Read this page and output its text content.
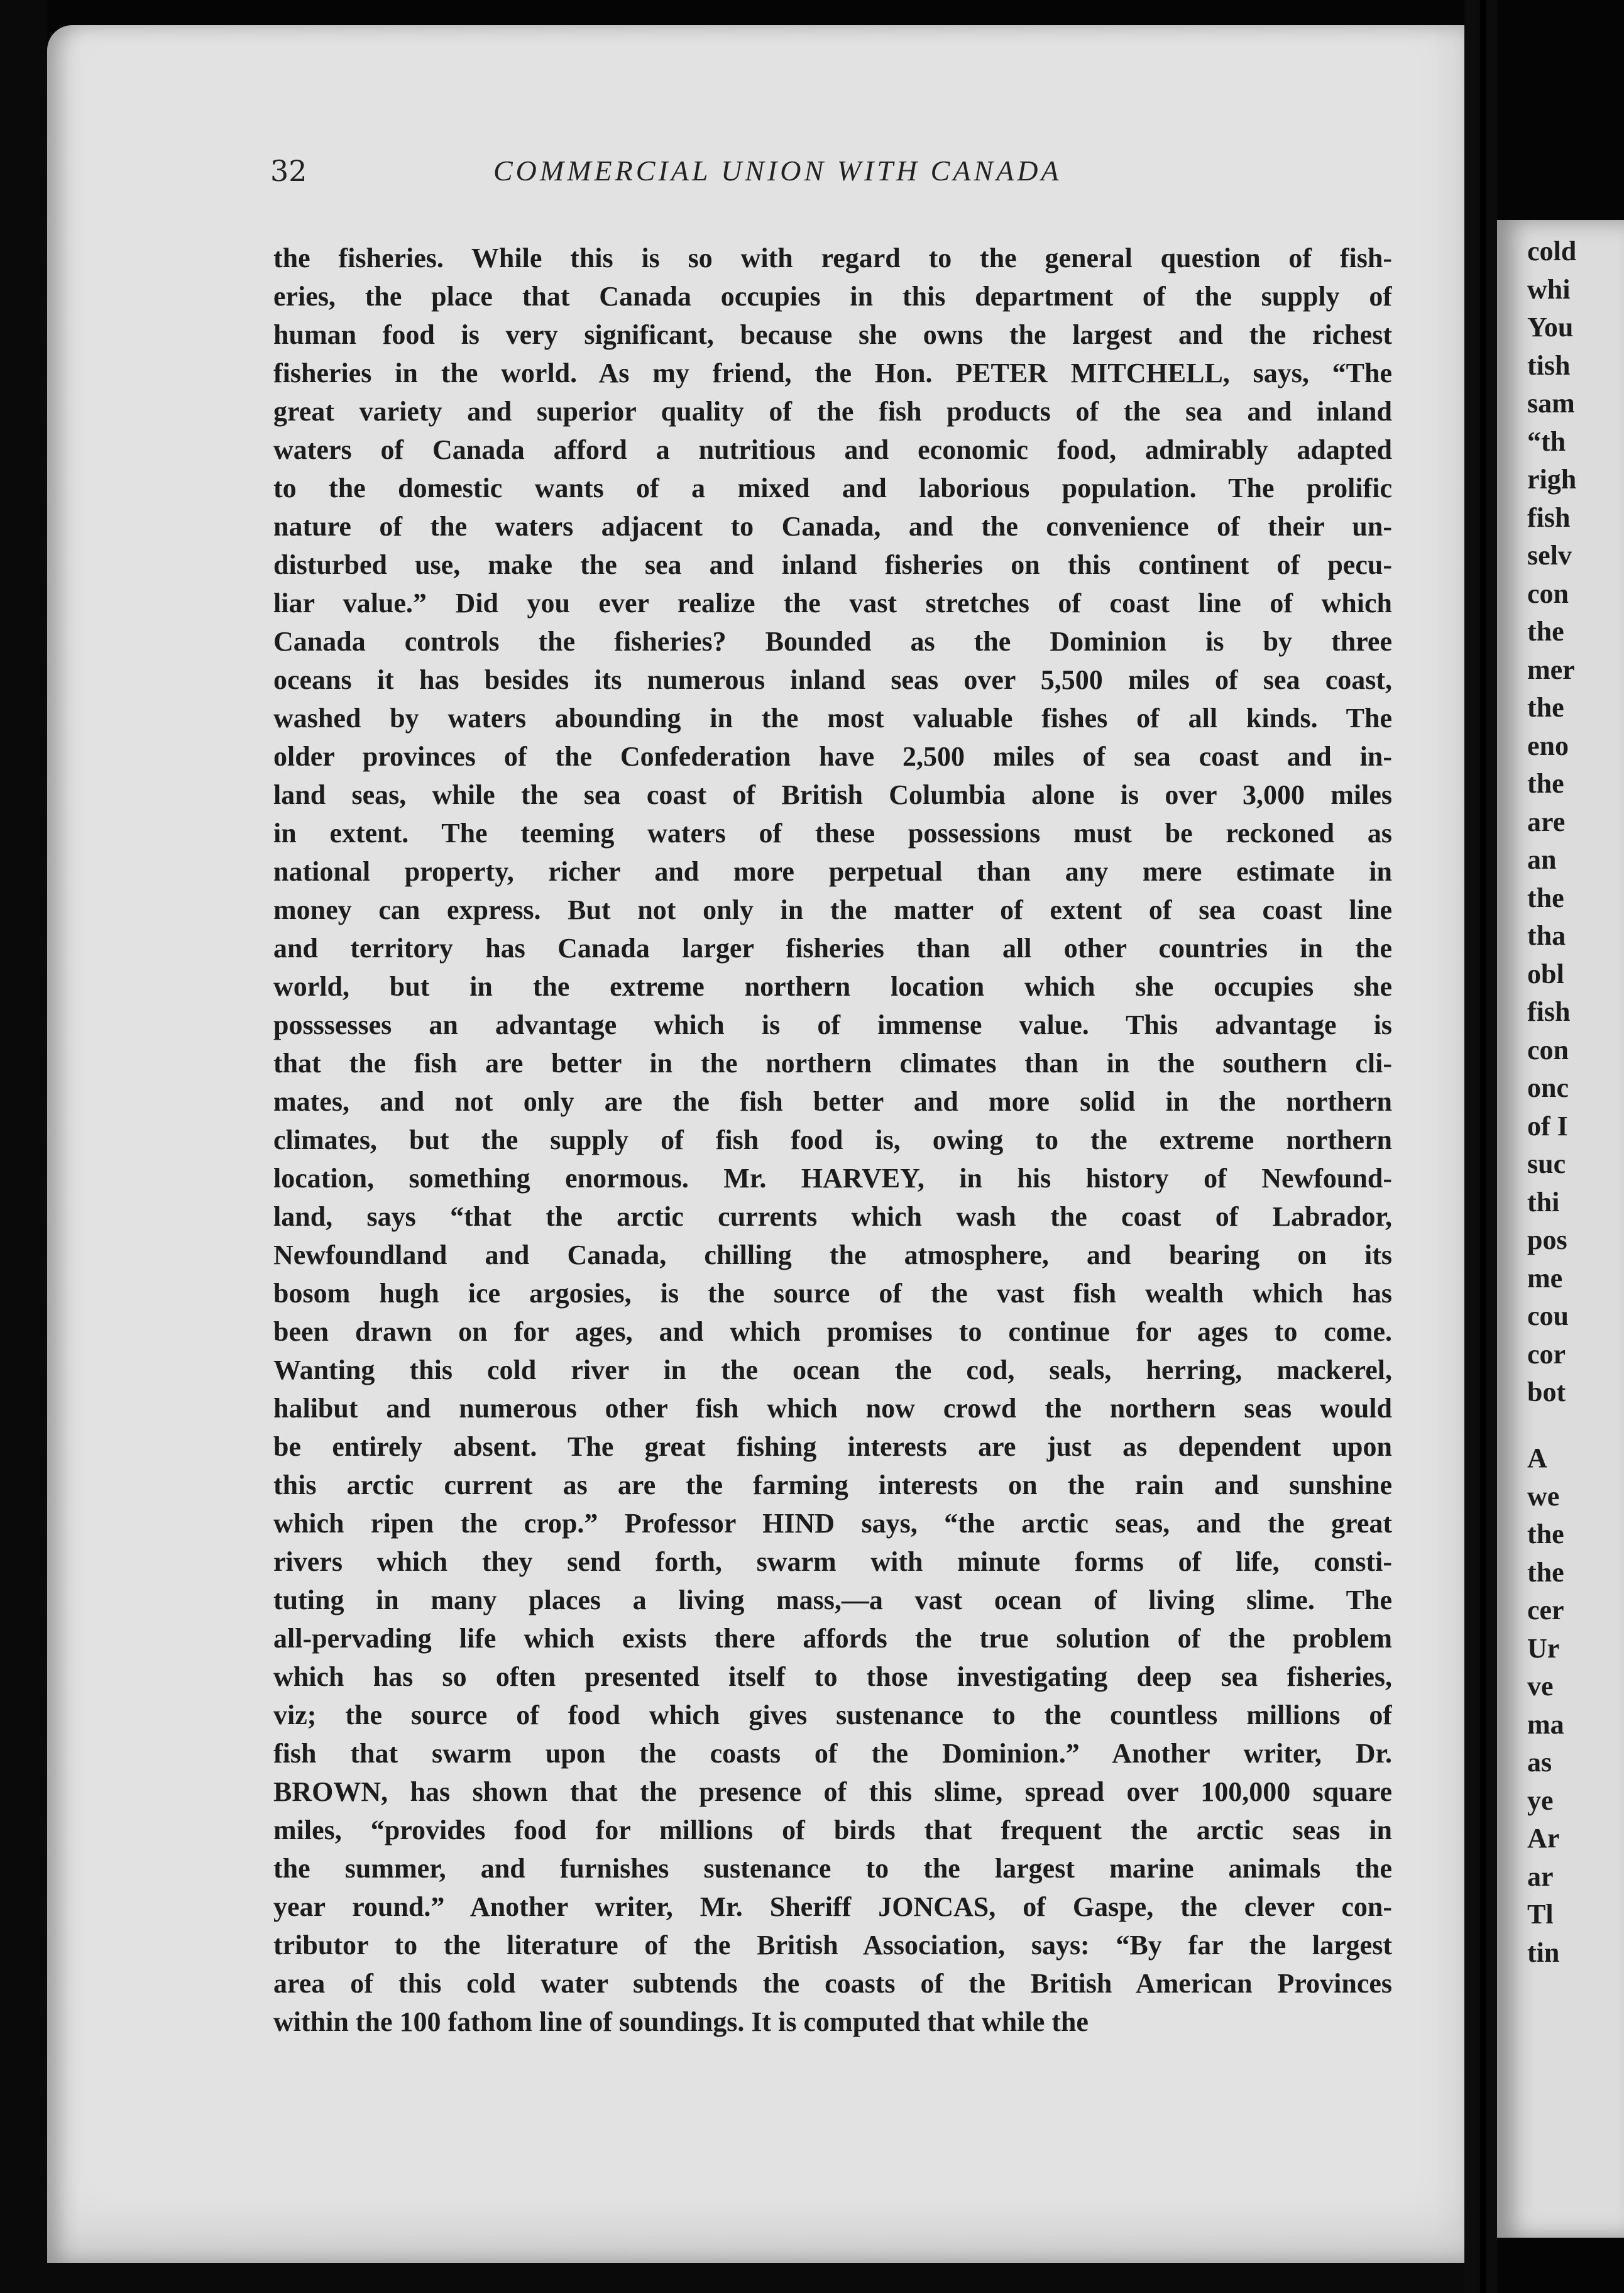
32	COMMERCIAL UNION WITH CANADA
the fisheries. While this is so with regard to the general question of fish-
eries, the place that Canada occupies in this department of the supply of
human food is very significant, because she owns the largest and the richest
fisheries in the world. As my friend, the Hon. PETER MITCHELL, says, “The
great variety and superior quality of the fish products of the sea and inland
waters of Canada afford a nutritious and economic food, admirably adapted
to the domestic wants of a mixed and laborious population. The prolific
nature of the waters adjacent to Canada, and the convenience of their un-
disturbed use, make the sea and inland fisheries on this continent of pecu-
liar value.” Did you ever realize the vast stretches of coast line of which
Canada controls the fisheries? Bounded as the Dominion is by three
oceans it has besides its numerous inland seas over 5,500 miles of sea coast,
washed by waters abounding in the most valuable fishes of all kinds. The
older provinces of the Confederation have 2,500 miles of sea coast and in-
land seas, while the sea coast of British Columbia alone is over 3,000 miles
in extent. The teeming waters of these possessions must be reckoned as
national property, richer and more perpetual than any mere estimate in
money can express. But not only in the matter of extent of sea coast line
and territory has Canada larger fisheries than all other countries in the
world, but in the extreme northern location which she occupies she
posssesses an advantage which is of immense value. This advantage is
that the fish are better in the northern climates than in the southern cli-
mates, and not only are the fish better and more solid in the northern
climates, but the supply of fish food is, owing to the extreme northern
location, something enormous. Mr. HARVEY, in his history of Newfound-
land, says “that the arctic currents which wash the coast of Labrador,
Newfoundland and Canada, chilling the atmosphere, and bearing on its
bosom hugh ice argosies, is the source of the vast fish wealth which has
been drawn on for ages, and which promises to continue for ages to come.
Wanting this cold river in the ocean the cod, seals, herring, mackerel,
halibut and numerous other fish which now crowd the northern seas would
be entirely absent. The great fishing interests are just as dependent upon
this arctic current as are the farming interests on the rain and sunshine
which ripen the crop.” Professor HIND says, “the arctic seas, and the great
rivers which they send forth, swarm with minute forms of life, consti-
tuting in many places a living mass,—a vast ocean of living slime. The
all-pervading life which exists there affords the true solution of the problem
which has so often presented itself to those investigating deep sea fisheries,
viz; the source of food which gives sustenance to the countless millions of
fish that swarm upon the coasts of the Dominion.” Another writer, Dr.
BROWN, has shown that the presence of this slime, spread over 100,000 square
miles, “provides food for millions of birds that frequent the arctic seas in
the summer, and furnishes sustenance to the largest marine animals the
year round.” Another writer, Mr. Sheriff JONCAS, of Gaspe, the clever con-
tributor to the literature of the British Association, says: “By far the largest
area of this cold water subtends the coasts of the British American Provinces
within the 100 fathom line of soundings. It is computed that while the
cold
whi
You
tish
sam
“th
righ
fish
selv
con
the
mer
the
eno
the
are
an
the
tha
obl
fish
con
onc
of I
suc
thi
pos
me
cou
cor
bot
A
we
the
the
cer
Ur
ve
ma
as
ye
Ar
ar
Tl
tin
